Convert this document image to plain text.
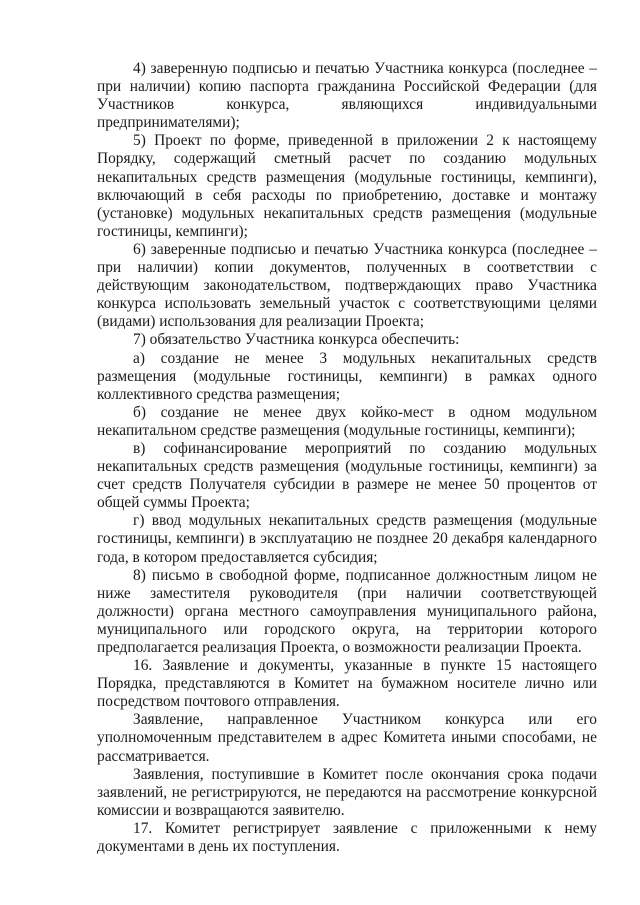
4) заверенную подписью и печатью Участника конкурса (последнее – при наличии) копию паспорта гражданина Российской Федерации (для Участников конкурса, являющихся индивидуальными предпринимателями);

5) Проект по форме, приведенной в приложении 2 к настоящему Порядку, содержащий сметный расчет по созданию модульных некапитальных средств размещения (модульные гостиницы, кемпинги), включающий в себя расходы по приобретению, доставке и монтажу (установке) модульных некапитальных средств размещения (модульные гостиницы, кемпинги);

6) заверенные подписью и печатью Участника конкурса (последнее – при наличии) копии документов, полученных в соответствии с действующим законодательством, подтверждающих право Участника конкурса использовать земельный участок с соответствующими целями (видами) использования для реализации Проекта;

7) обязательство Участника конкурса обеспечить:

а) создание не менее 3 модульных некапитальных средств размещения (модульные гостиницы, кемпинги) в рамках одного коллективного средства размещения;

б) создание не менее двух койко-мест в одном модульном некапитальном средстве размещения (модульные гостиницы, кемпинги);

в) софинансирование мероприятий по созданию модульных некапитальных средств размещения (модульные гостиницы, кемпинги) за счет средств Получателя субсидии в размере не менее 50 процентов от общей суммы Проекта;

г) ввод модульных некапитальных средств размещения (модульные гостиницы, кемпинги) в эксплуатацию не позднее 20 декабря календарного года, в котором предоставляется субсидия;

8) письмо в свободной форме, подписанное должностным лицом не ниже заместителя руководителя (при наличии соответствующей должности) органа местного самоуправления муниципального района, муниципального или городского округа, на территории которого предполагается реализация Проекта, о возможности реализации Проекта.

16. Заявление и документы, указанные в пункте 15 настоящего Порядка, представляются в Комитет на бумажном носителе лично или посредством почтового отправления.

Заявление, направленное Участником конкурса или его уполномоченным представителем в адрес Комитета иными способами, не рассматривается.

Заявления, поступившие в Комитет после окончания срока подачи заявлений, не регистрируются, не передаются на рассмотрение конкурсной комиссии и возвращаются заявителю.

17. Комитет регистрирует заявление с приложенными к нему документами в день их поступления.
